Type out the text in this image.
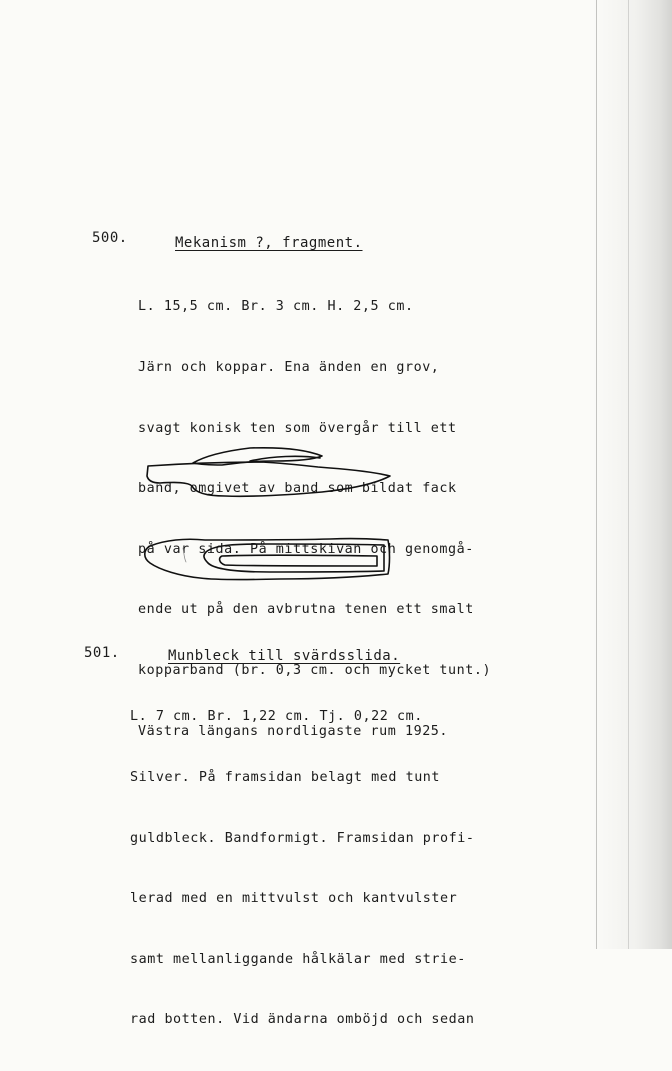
500.	Mekanism ?, fragment.

L. 15,5 cm. Br. 3 cm. H. 2,5 cm.

Järn och koppar. Ena änden en grov,

svagt konisk ten som övergår till ett

band, omgivet av band som bildat fack

på var sida. På mittskivan och genomgå-

ende ut på den avbrutna tenen ett smalt

kopparband (br. 0,3 cm. och mycket tunt.)

Västra längans nordligaste rum 1925.

501.	Munbleck till svärdsslida.

L. 7 cm. Br. 1,22 cm. Tj. 0,22 cm.

Silver. På framsidan belagt med tunt

guldbleck. Bandformigt. Framsidan profi-

lerad med en mittvulst och kantvulster

samt mellanliggande hålkälar med strie-

rad botten. Vid ändarna omböjd och sedan
